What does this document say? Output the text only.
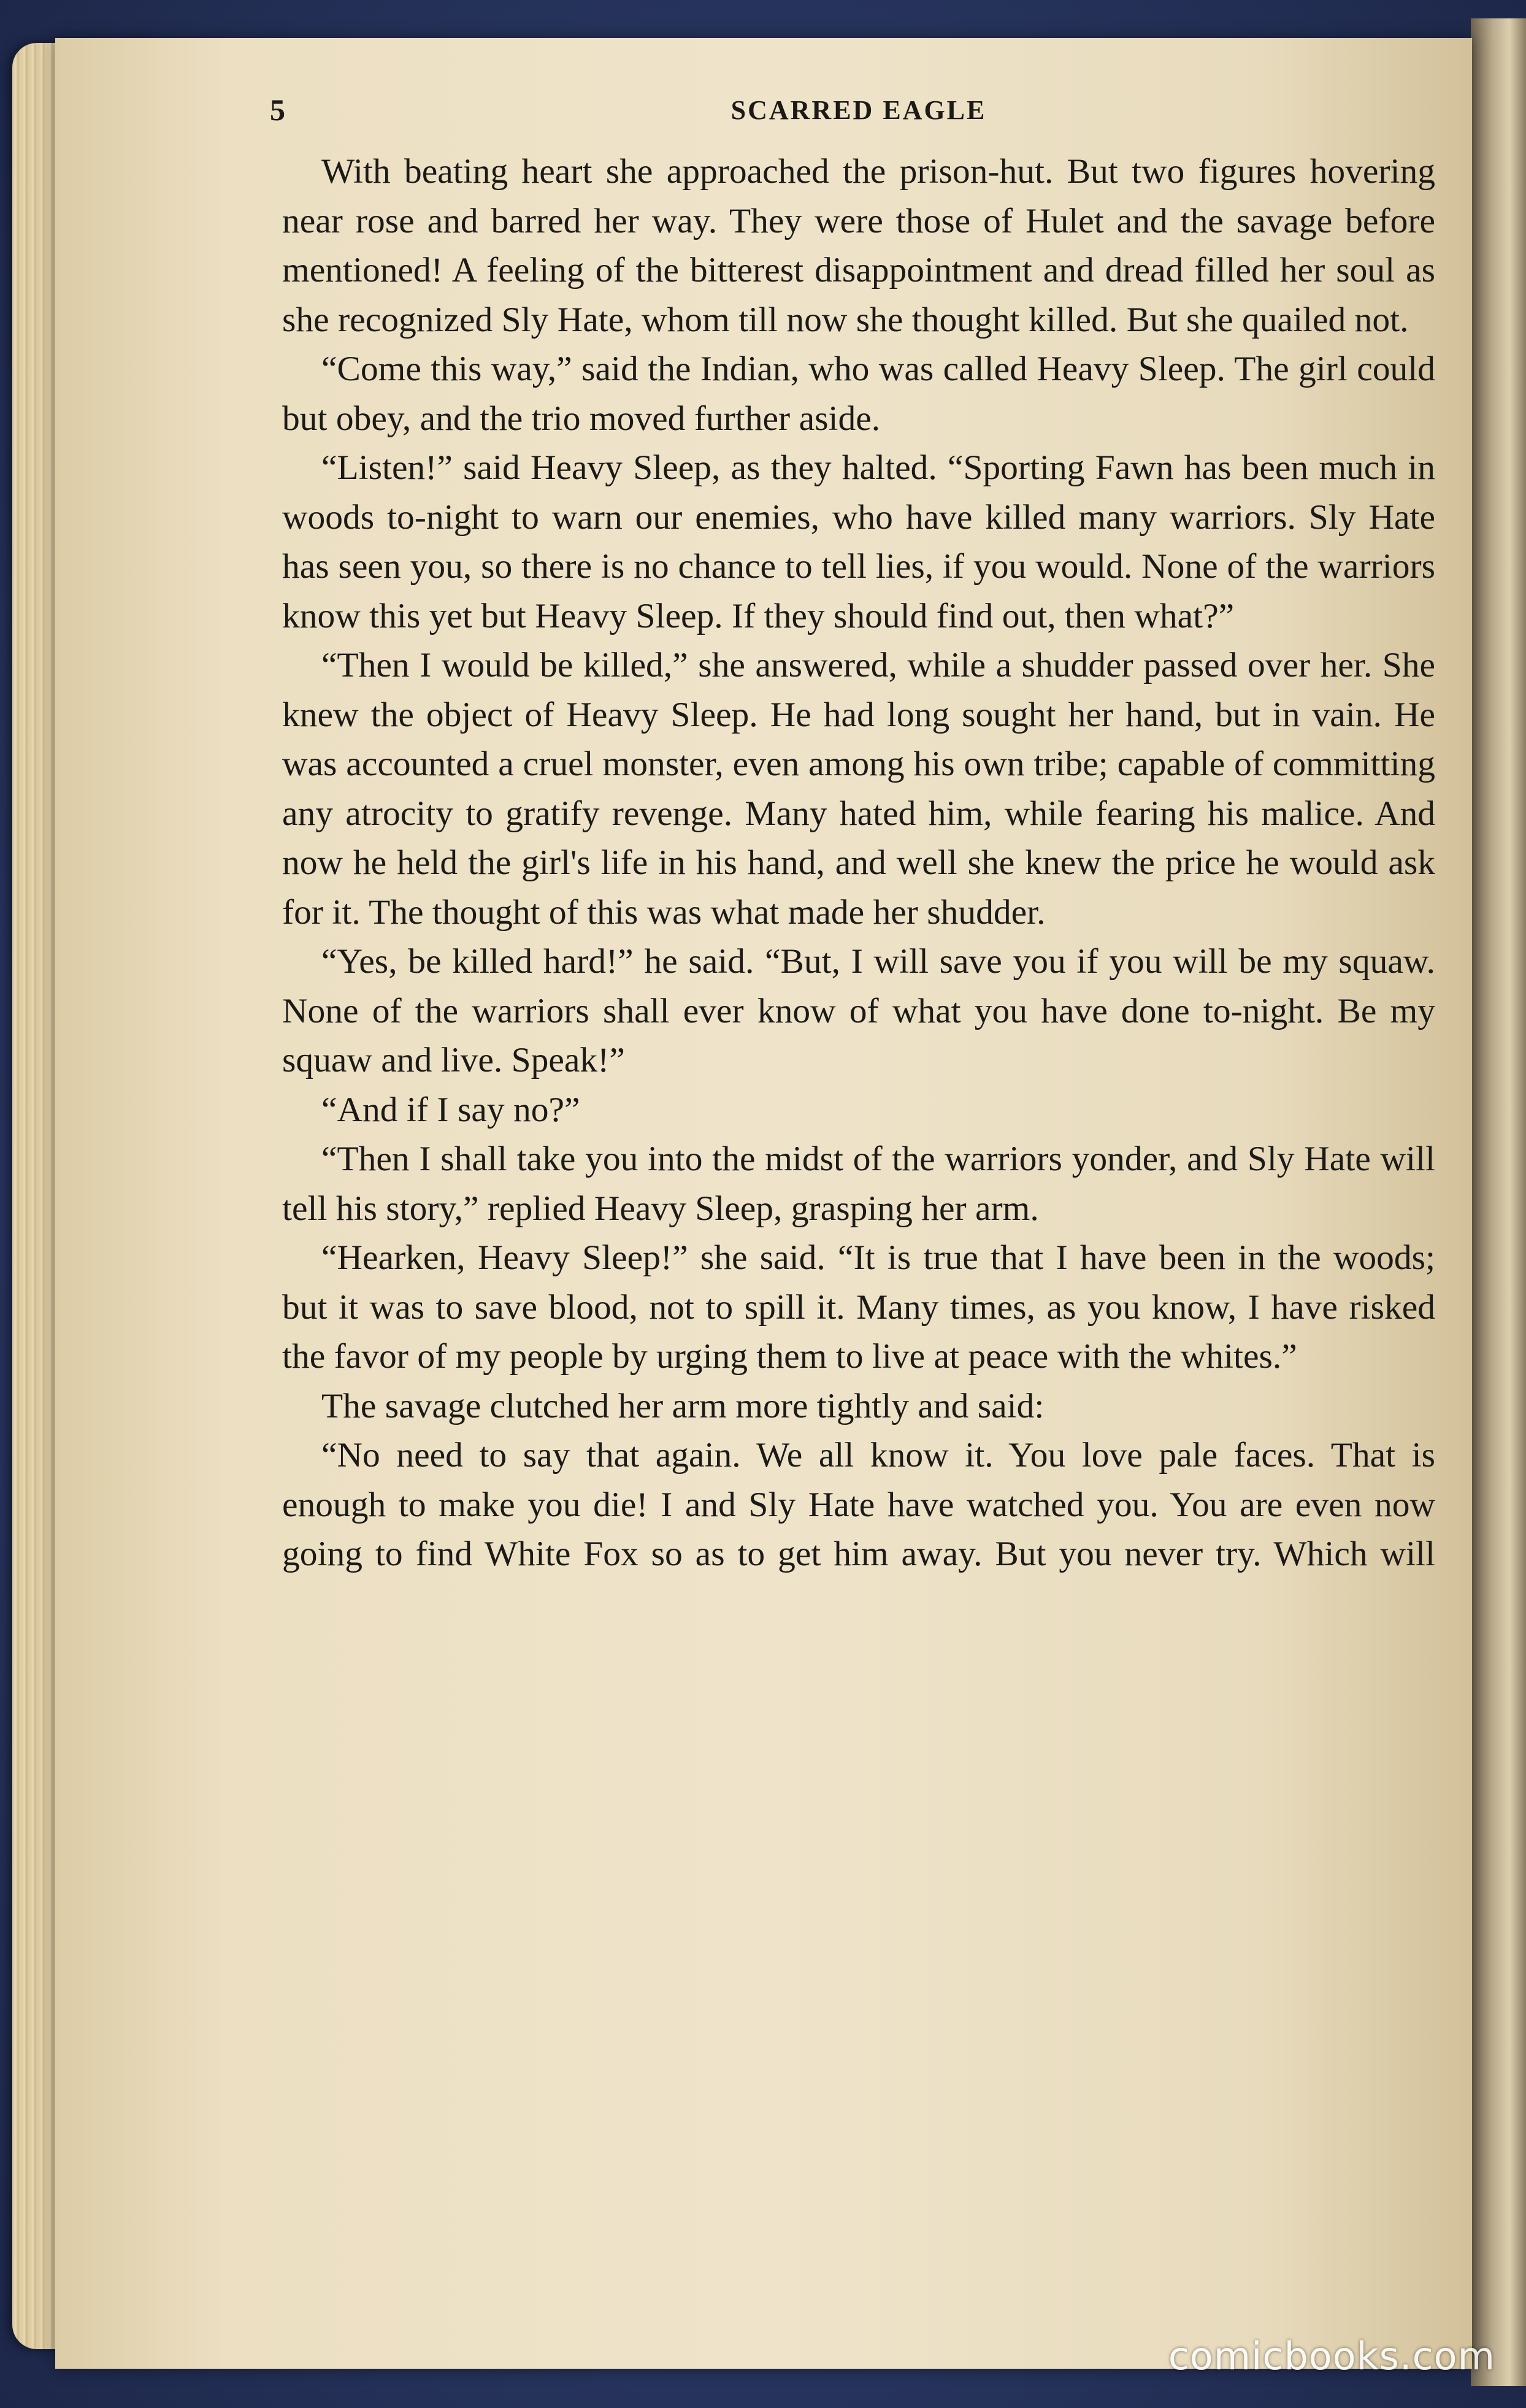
5	SCARRED EAGLE

With beating heart she approached the prison-hut. But two figures hovering near rose and barred her way. They were those of Hulet and the savage before mentioned! A feeling of the bitterest disappointment and dread filled her soul as she recognized Sly Hate, whom till now she thought killed. But she quailed not.

“Come this way,” said the Indian, who was called Heavy Sleep. The girl could but obey, and the trio moved further aside.

“Listen!” said Heavy Sleep, as they halted. “Sporting Fawn has been much in woods to-night to warn our enemies, who have killed many warriors. Sly Hate has seen you, so there is no chance to tell lies, if you would. None of the warriors know this yet but Heavy Sleep. If they should find out, then what?”

“Then I would be killed,” she answered, while a shudder passed over her. She knew the object of Heavy Sleep. He had long sought her hand, but in vain. He was accounted a cruel monster, even among his own tribe; capable of committing any atrocity to gratify revenge. Many hated him, while fearing his malice. And now he held the girl's life in his hand, and well she knew the price he would ask for it. The thought of this was what made her shudder.

“Yes, be killed hard!” he said. “But, I will save you if you will be my squaw. None of the warriors shall ever know of what you have done to-night. Be my squaw and live. Speak!”

“And if I say no?”

“Then I shall take you into the midst of the warriors yonder, and Sly Hate will tell his story,” replied Heavy Sleep, grasping her arm.

“Hearken, Heavy Sleep!” she said. “It is true that I have been in the woods; but it was to save blood, not to spill it. Many times, as you know, I have risked the favor of my people by urging them to live at peace with the whites.”

The savage clutched her arm more tightly and said:

“No need to say that again. We all know it. You love pale faces. That is enough to make you die! I and Sly Hate have watched you. You are even now going to find White Fox so as to get him away. But you never try. Which will

comicbooks.com
